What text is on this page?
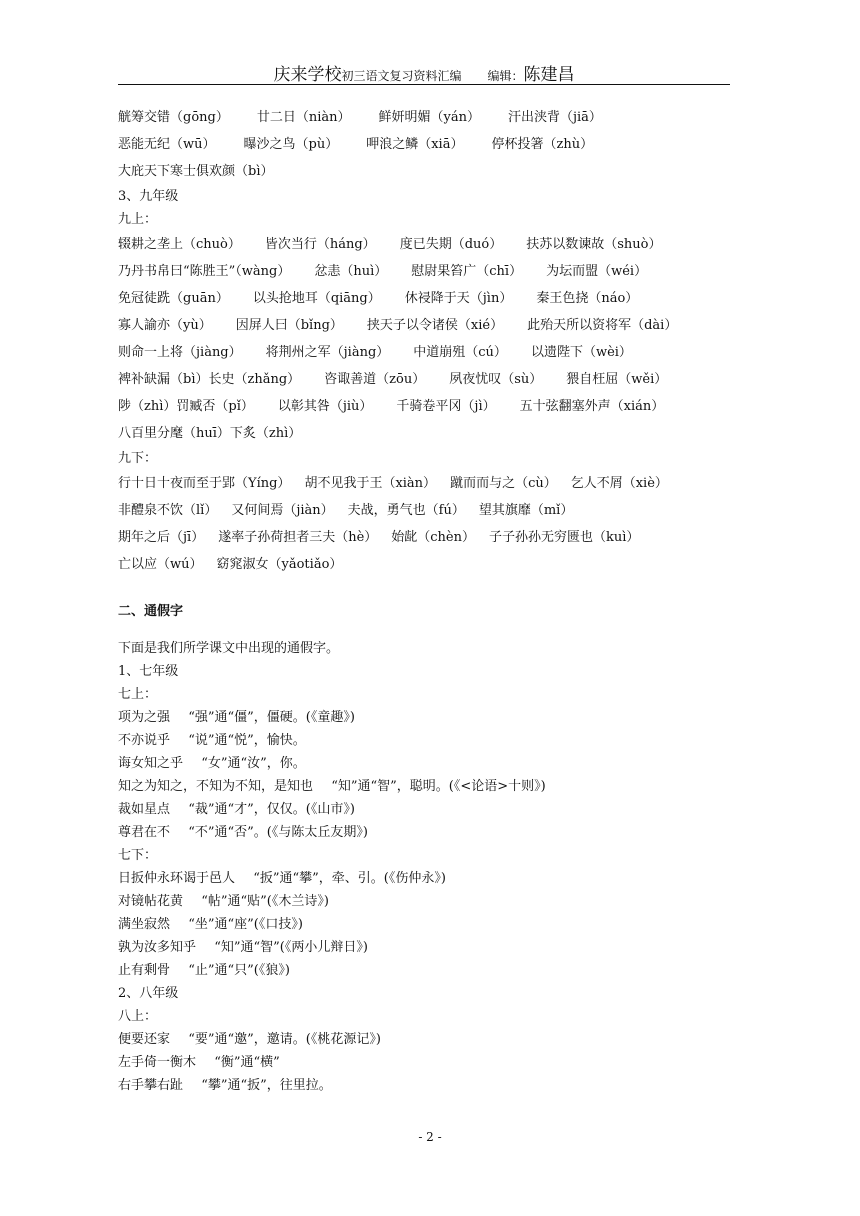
庆来学校初三语文复习资料汇编 编辑：陈建昌
觥筹交错（gōng） 廿二日（niàn） 鲜妍明媚（yán） 汗出浃背（jiā）
恶能无纪（wū） 曝沙之鸟（pù） 呷浪之鳞（xiā） 停杯投箸（zhù）
大庇天下寒士俱欢颜（bì）
3、九年级
九上：
辍耕之垄上（chuò） 皆次当行（háng） 度已失期（duó） 扶苏以数谏故（shuò）
乃丹书帛曰“陈胜王”（wàng） 忿恚（huì） 慰尉果笞广（chī） 为坛而盟（wéi）
免冠徒跣（guān） 以头抢地耳（qiāng） 休祲降于天（jìn） 秦王色挠（náo）
寡人諭亦（yù） 因屏人曰（bǐng） 挟天子以令诸侯（xié） 此殆天所以资将军（dài）
则命一上将（jiàng） 将荆州之军（jiàng） 中道崩殂（cú） 以遗陛下（wèi）
裨补缺漏（bì）长史（zhǎng） 咨诹善道（zōu） 夙夜忧叹（sù） 猥自枉屈（wěi）
陟（zhì）罚臧否（pǐ） 以彰其咎（jiù） 千骑卷平冈（jì） 五十弦翻塞外声（xián）
八百里分麾（huī）下炙（zhì）
九下：
行十日十夜而至于郢（Yíng） 胡不见我于王（xiàn） 蹴而而与之（cù） 乞人不屑（xiè）
非醴泉不饮（lǐ） 又何间焉（jiàn） 夫战，勇气也（fú） 望其旗靡（mǐ）
期年之后（jī） 遂率子孙荷担者三夫（hè） 始龀（chèn） 子子孙孙无穷匮也（kuì）
亡以应（wú） 窈窕淑女（yǎotiǎo）
二、通假字
下面是我们所学课文中出现的通假字。
1、七年级
七上：
项为之强 “强”通“僵”，僵硬。(《童趣》)
不亦说乎 “说”通“悦”，愉快。
诲女知之乎 “女”通“汝”，你。
知之为知之，不知为不知，是知也 “知”通“智”，聪明。(《<论语>十则》)
裁如星点 “裁”通“才”，仅仅。(《山市》)
尊君在不 “不”通“否”。(《与陈太丘友期》)
七下：
日扳仲永环谒于邑人 “扳”通“攀”，牵、引。(《伤仲永》)
对镜帖花黄 “帖”通“贴”(《木兰诗》)
满坐寂然 “坐”通“座”(《口技》)
孰为汝多知乎 “知”通“智”(《两小儿辩日》)
止有剩骨 “止”通“只”(《狼》)
2、八年级
八上：
便要还家 “要”通“邀”，邀请。(《桃花源记》)
左手倚一衡木 “衡”通“横”
右手攀右趾 “攀”通“扳”，往里拉。
- 2 -
